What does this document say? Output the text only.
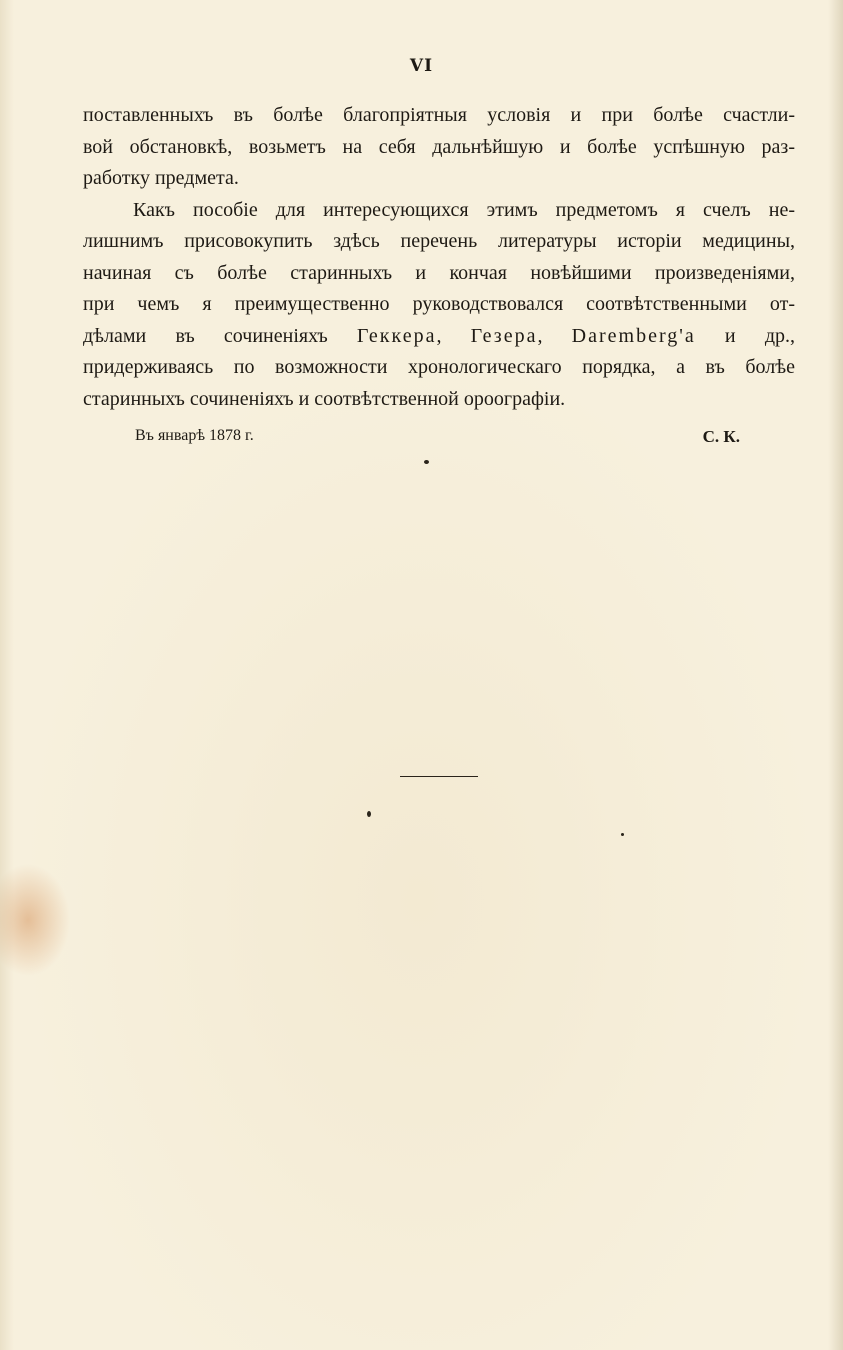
VI
поставленныхъ въ болѣе благопріятныя условія и при болѣе счастли-
вой обстановкѣ, возьметъ на себя дальнѣйшую и болѣе успѣшную раз-
работку предмета.
Какъ пособіе для интересующихся этимъ предметомъ я счелъ не-
лишнимъ присовокупить здѣсь перечень литературы исторіи медицины,
начиная съ болѣе старинныхъ и кончая новѣйшими произведеніями,
при чемъ я преимущественно руководствовался соотвѣтственными от-
дѣлами въ сочиненіяхъ Геккера, Гезера, Daremberg'а и др.,
придерживаясь по возможности хронологическаго порядка, а въ болѣе
старинныхъ сочиненіяхъ и соотвѣтственной ороографіи.
Въ январѣ 1878 г.	С. К.
